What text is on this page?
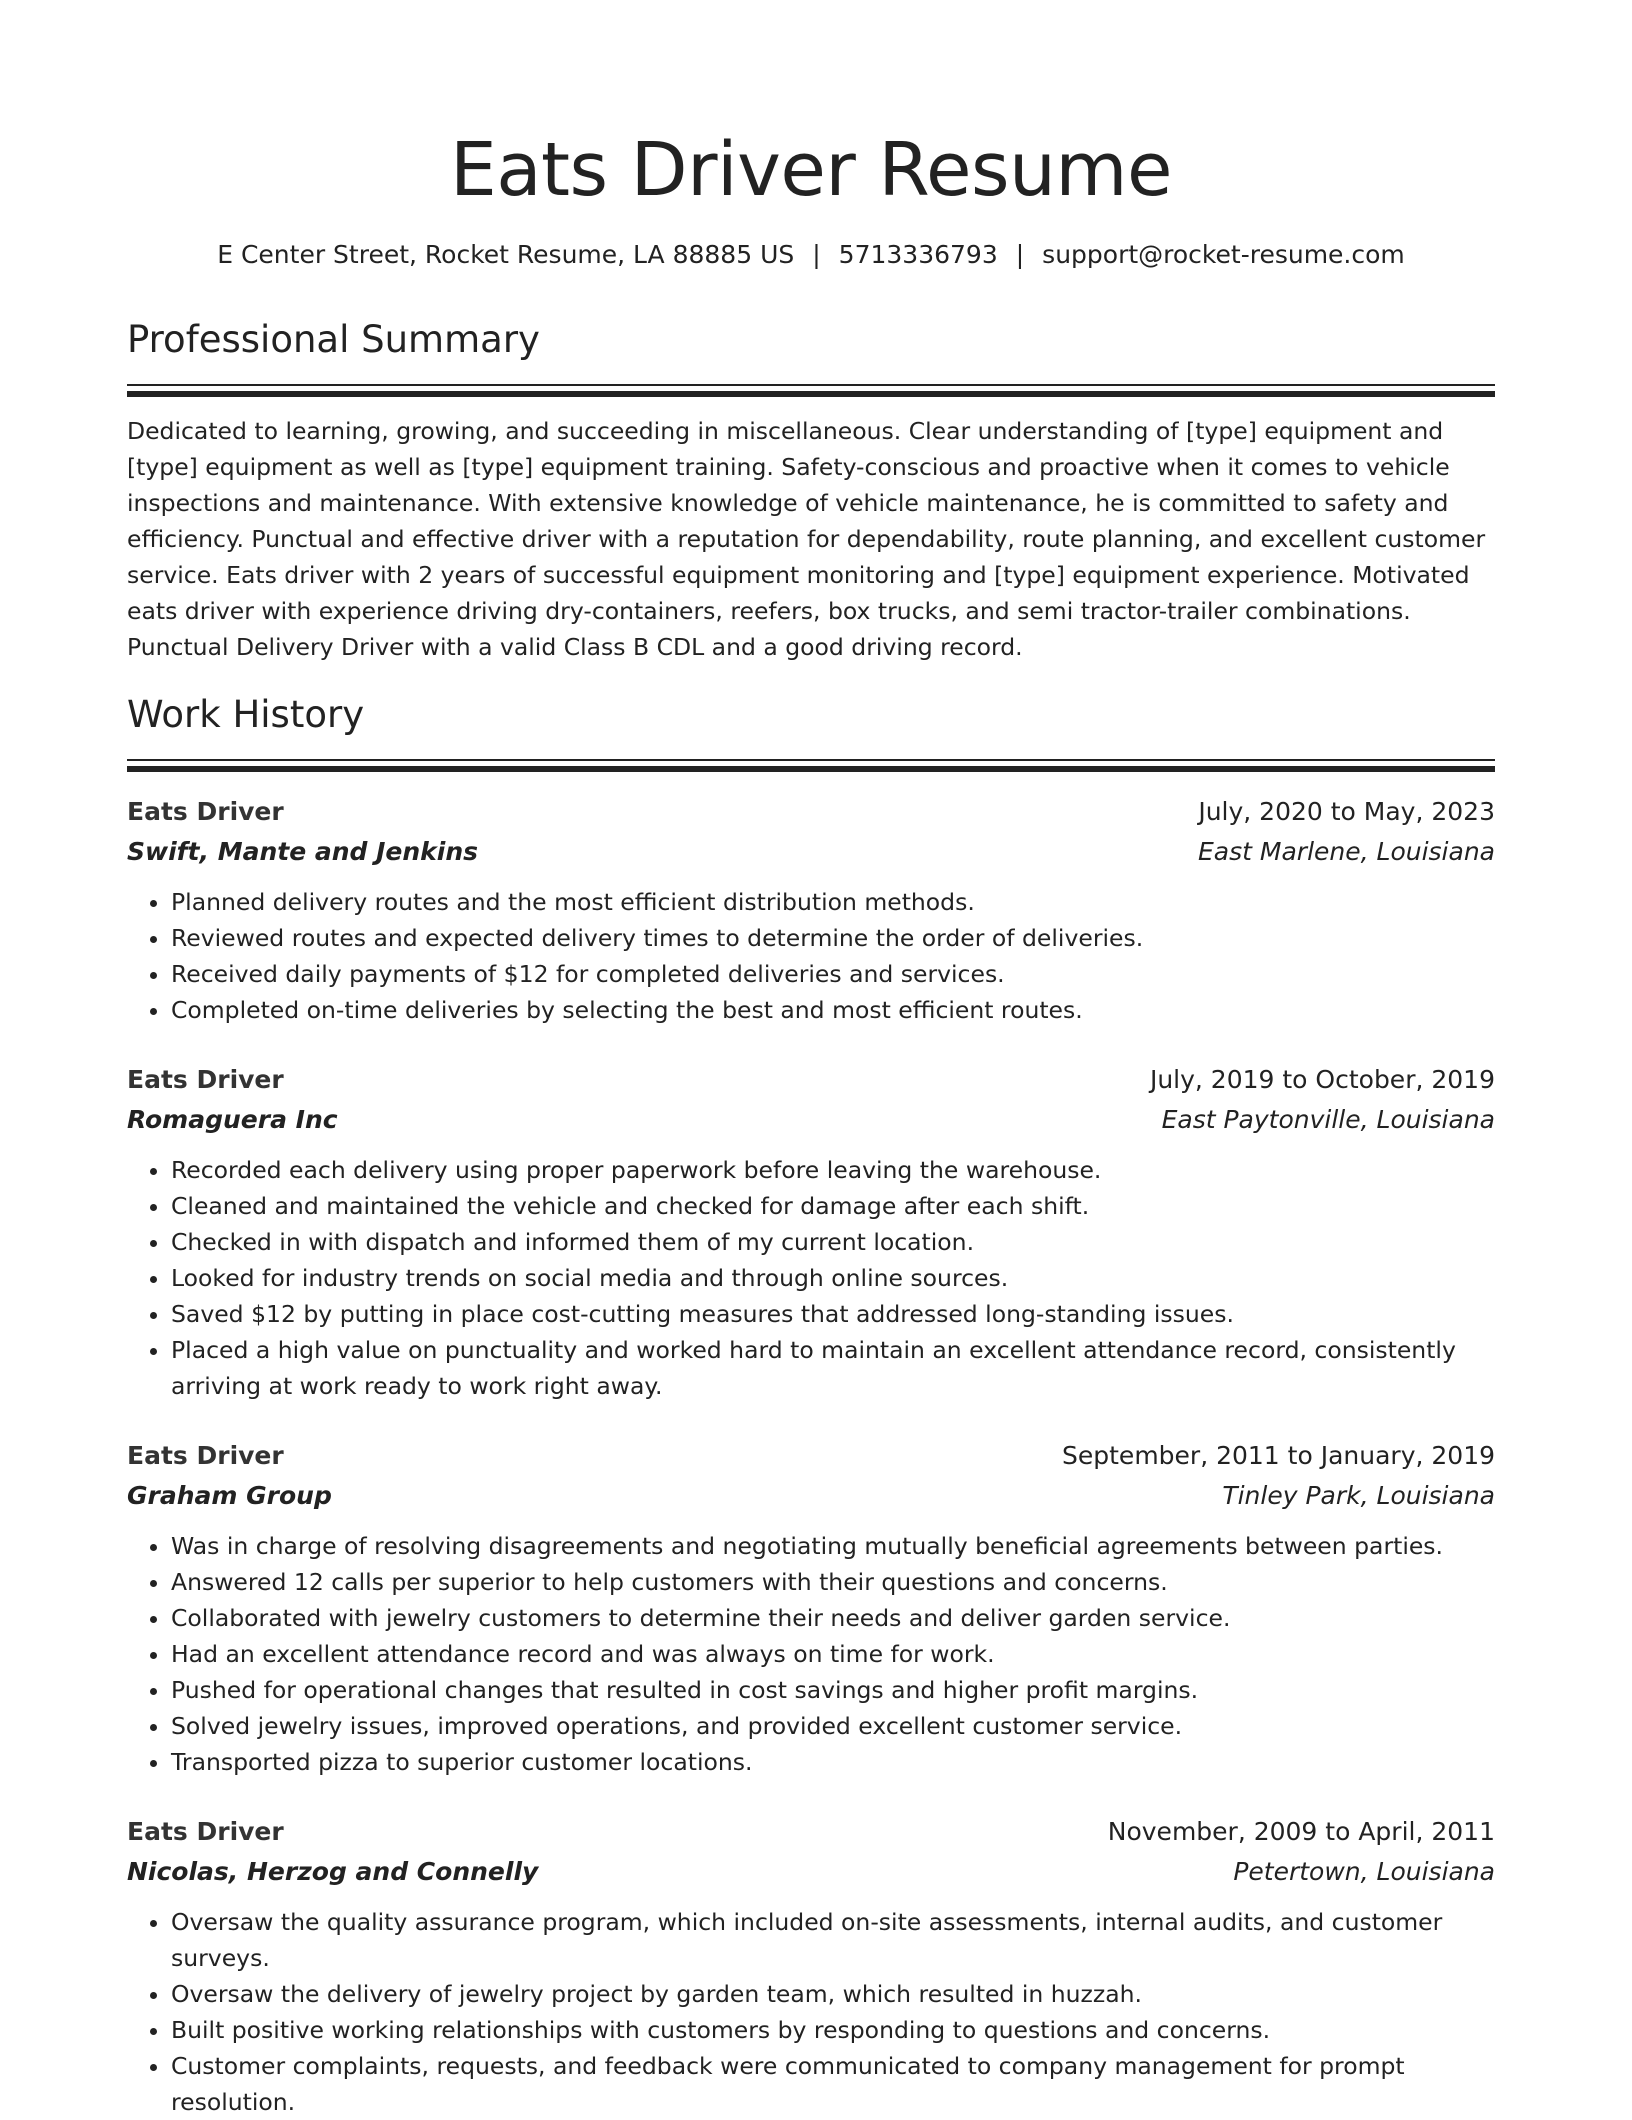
Eats Driver Resume
E Center Street, Rocket Resume, LA 88885 US | 5713336793 | support@rocket-resume.com
Professional Summary

Dedicated to learning, growing, and succeeding in miscellaneous. Clear understanding of [type] equipment and [type] equipment as well as [type] equipment training. Safety-conscious and proactive when it comes to vehicle inspections and maintenance. With extensive knowledge of vehicle maintenance, he is committed to safety and efficiency. Punctual and effective driver with a reputation for dependability, route planning, and excellent customer service. Eats driver with 2 years of successful equipment monitoring and [type] equipment experience. Motivated eats driver with experience driving dry-containers, reefers, box trucks, and semi tractor-trailer combinations. Punctual Delivery Driver with a valid Class B CDL and a good driving record.

Work History
Eats Driver	July, 2020 to May, 2023
Swift, Mante and Jenkins	East Marlene, Louisiana
• Planned delivery routes and the most efficient distribution methods.
• Reviewed routes and expected delivery times to determine the order of deliveries.
• Received daily payments of $12 for completed deliveries and services.
• Completed on-time deliveries by selecting the best and most efficient routes.
Eats Driver	July, 2019 to October, 2019
Romaguera Inc	East Paytonville, Louisiana
• Recorded each delivery using proper paperwork before leaving the warehouse.
• Cleaned and maintained the vehicle and checked for damage after each shift.
• Checked in with dispatch and informed them of my current location.
• Looked for industry trends on social media and through online sources.
• Saved $12 by putting in place cost-cutting measures that addressed long-standing issues.
• Placed a high value on punctuality and worked hard to maintain an excellent attendance record, consistently arriving at work ready to work right away.
Eats Driver	September, 2011 to January, 2019
Graham Group	Tinley Park, Louisiana
• Was in charge of resolving disagreements and negotiating mutually beneficial agreements between parties.
• Answered 12 calls per superior to help customers with their questions and concerns.
• Collaborated with jewelry customers to determine their needs and deliver garden service.
• Had an excellent attendance record and was always on time for work.
• Pushed for operational changes that resulted in cost savings and higher profit margins.
• Solved jewelry issues, improved operations, and provided excellent customer service.
• Transported pizza to superior customer locations.
Eats Driver	November, 2009 to April, 2011
Nicolas, Herzog and Connelly	Petertown, Louisiana
• Oversaw the quality assurance program, which included on-site assessments, internal audits, and customer surveys.
• Oversaw the delivery of jewelry project by garden team, which resulted in huzzah.
• Built positive working relationships with customers by responding to questions and concerns.
• Customer complaints, requests, and feedback were communicated to company management for prompt resolution.
